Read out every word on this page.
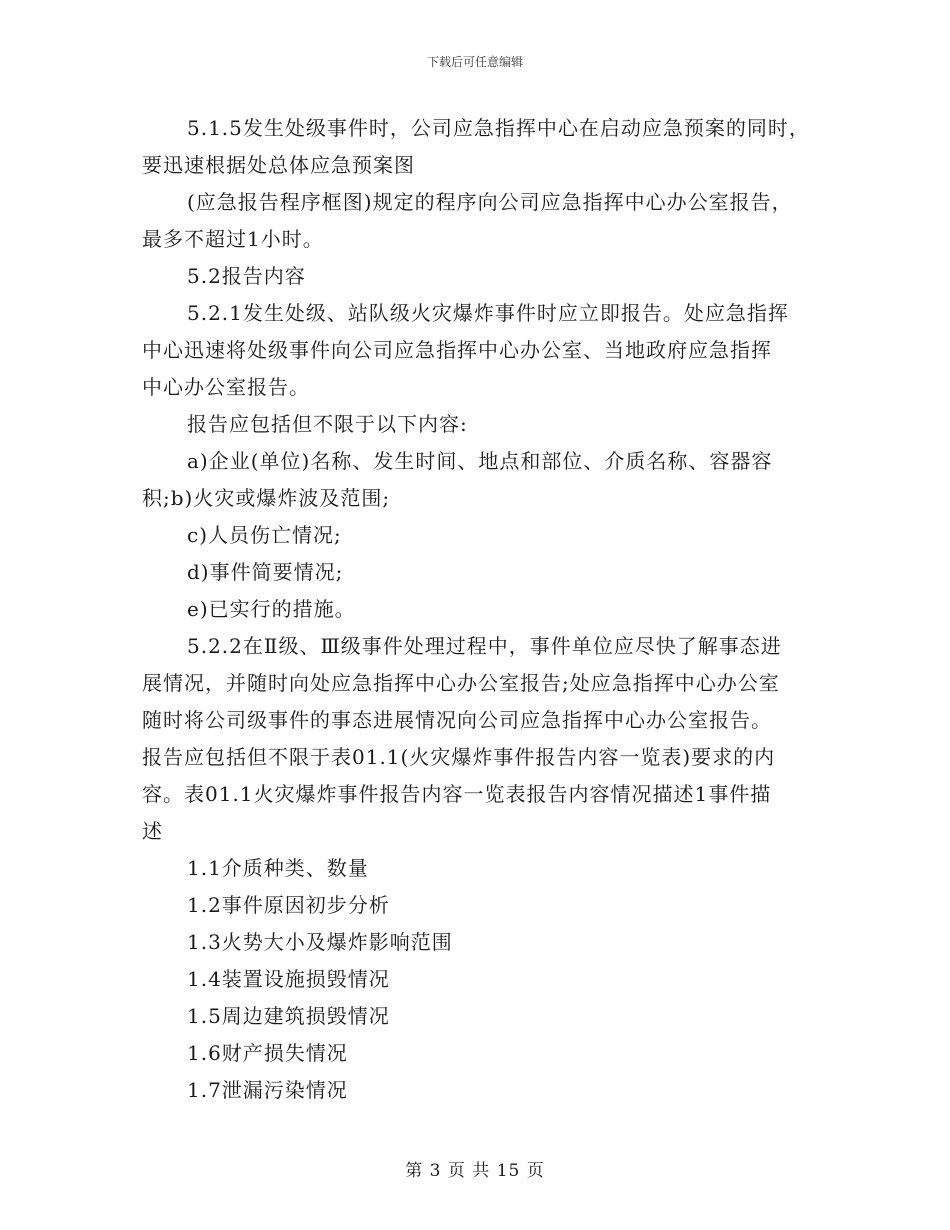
下载后可任意编辑
5.1.5发生处级事件时，公司应急指挥中心在启动应急预案的同时，
要迅速根据处总体应急预案图
(应急报告程序框图)规定的程序向公司应急指挥中心办公室报告，
最多不超过1小时。
5.2报告内容
5.2.1发生处级、站队级火灾爆炸事件时应立即报告。处应急指挥
中心迅速将处级事件向公司应急指挥中心办公室、当地政府应急指挥
中心办公室报告。
报告应包括但不限于以下内容:
a)企业(单位)名称、发生时间、地点和部位、介质名称、容器容
积;b)火灾或爆炸波及范围;
c)人员伤亡情况;
d)事件简要情况;
e)已实行的措施。
5.2.2在Ⅱ级、Ⅲ级事件处理过程中，事件单位应尽快了解事态进
展情况，并随时向处应急指挥中心办公室报告;处应急指挥中心办公室
随时将公司级事件的事态进展情况向公司应急指挥中心办公室报告。
报告应包括但不限于表01.1(火灾爆炸事件报告内容一览表)要求的内
容。表01.1火灾爆炸事件报告内容一览表报告内容情况描述1事件描
述
1.1介质种类、数量
1.2事件原因初步分析
1.3火势大小及爆炸影响范围
1.4装置设施损毁情况
1.5周边建筑损毁情况
1.6财产损失情况
1.7泄漏污染情况
第 3 页 共 15 页
